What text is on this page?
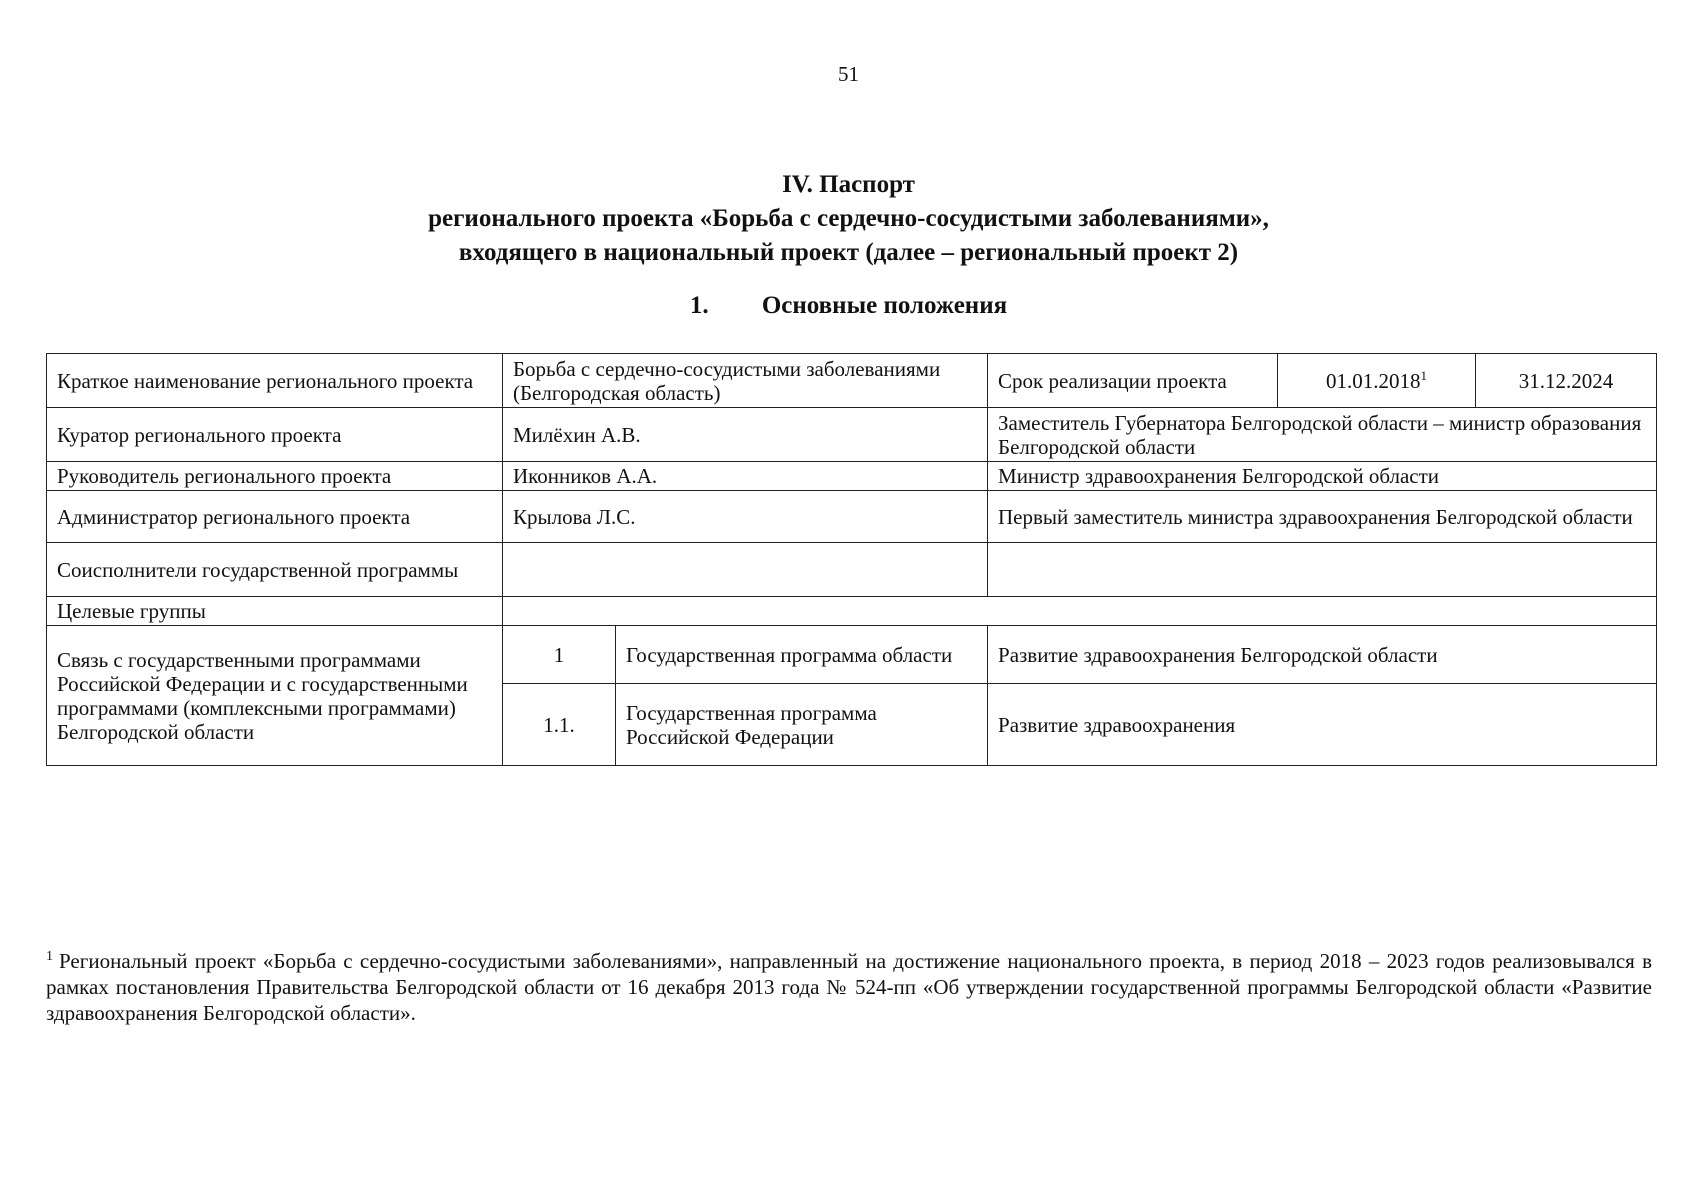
51
IV. Паспорт
регионального проекта «Борьба с сердечно-сосудистыми заболеваниями»,
входящего в национальный проект (далее – региональный проект 2)
1. Основные положения
Краткое наименование регионального проекта	Борьба с сердечно-сосудистыми заболеваниями (Белгородская область)		Срок реализации проекта	01.01.2018$^1$	31.12.2024
Куратор регионального проекта	Милёхин А.В.		Заместитель Губернатора Белгородской области – министр образования Белгородской области		
Руководитель регионального проекта	Иконников А.А.		Министр здравоохранения Белгородской области		
Администратор регионального проекта	Крылова Л.С.		Первый заместитель министра здравоохранения Белгородской области		
Соисполнители государственной программы					
Целевые группы					
Связь с государственными программами Российской Федерации и с государственными программами (комплексными программами) Белгородской области	1	Государственная программа области	Развитие здравоохранения Белгородской области		
	1.1.	Государственная программа Российской Федерации	Развитие здравоохранения		
$^1$ Региональный проект «Борьба с сердечно-сосудистыми заболеваниями», направленный на достижение национального проекта, в период 2018 – 2023 годов реализовывался в рамках постановления Правительства Белгородской области от 16 декабря 2013 года № 524-пп «Об утверждении государственной программы Белгородской области «Развитие здравоохранения Белгородской области».
